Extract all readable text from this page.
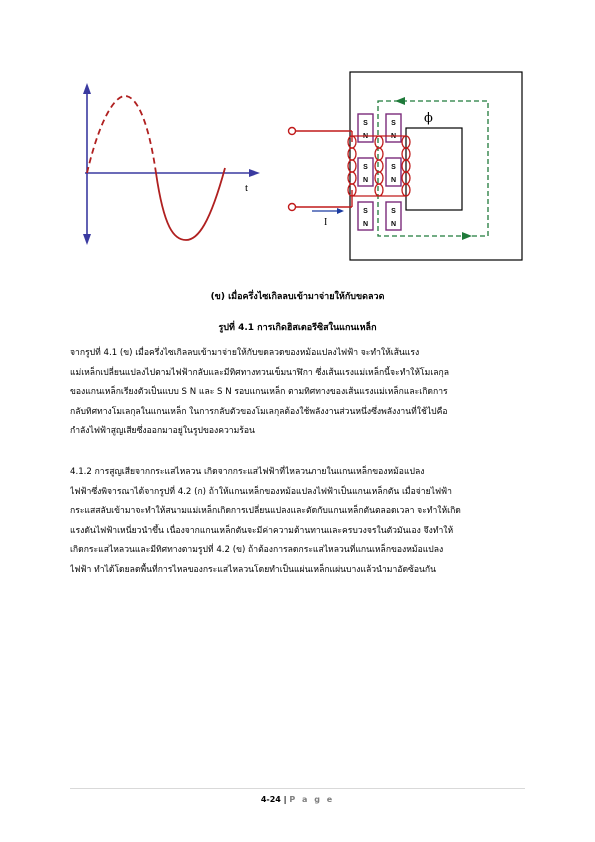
t
ϕ
S
N
S
N
S
N
S
N
S
N
S
N
I
(ข) เมื่อครึ่งไซเกิลลบเข้ามาจ่ายให้กับขดลวด
รูปที่ 4.1 การเกิดฮิสเตอรีซิสในแกนเหล็ก
จากรูปที่ 4.1 (ข) เมื่อครึ่งไซเกิลลบเข้ามาจ่ายให้กับขดลวดของหม้อแปลงไฟฟ้า จะทำให้เส้นแรง
แม่เหล็กเปลี่ยนแปลงไปตามไฟฟ้ากลับและมีทิศทางทวนเข็มนาฬิกา ซึ่งเส้นแรงแม่เหล็กนี้จะทำให้โมเลกุล
ของแกนเหล็กเรียงตัวเป็นแบบ S N และ S N รอบแกนเหล็ก ตามทิศทางของเส้นแรงแม่เหล็กและเกิดการ
กลับทิศทางโมเลกุลในแกนเหล็ก ในการกลับตัวของโมเลกุลต้องใช้พลังงานส่วนหนึ่งซึ่งพลังงานที่ใช้ไปคือ
กำลังไฟฟ้าสูญเสียซึ่งออกมาอยู่ในรูปของความร้อน
4.1.2 การสูญเสียจากกระแสไหลวน เกิดจากกระแสไฟฟ้าที่ไหลวนภายในแกนเหล็กของหม้อแปลง
ไฟฟ้าซึ่งพิจารณาได้จากรูปที่ 4.2 (ก) ถ้าให้แกนเหล็กของหม้อแปลงไฟฟ้าเป็นแกนเหล็กตัน เมื่อจ่ายไฟฟ้า
กระแสสลับเข้ามาจะทำให้สนามแม่เหล็กเกิดการเปลี่ยนแปลงและตัดกับแกนเหล็กตันตลอดเวลา จะทำให้เกิด
แรงดันไฟฟ้าเหนี่ยวนำขึ้น เนื่องจากแกนเหล็กตันจะมีค่าความต้านทานและครบวงจรในตัวมันเอง จึงทำให้
เกิดกระแสไหลวนและมีทิศทางตามรูปที่ 4.2 (ข) ถ้าต้องการลดกระแสไหลวนที่แกนเหล็กของหม้อแปลง
ไฟฟ้า ทำได้โดยลดพื้นที่การไหลของกระแสไหลวนโดยทำเป็นแผ่นเหล็กแผ่นบางแล้วนำมาอัดซ้อนกัน
4-24 | P a g e
